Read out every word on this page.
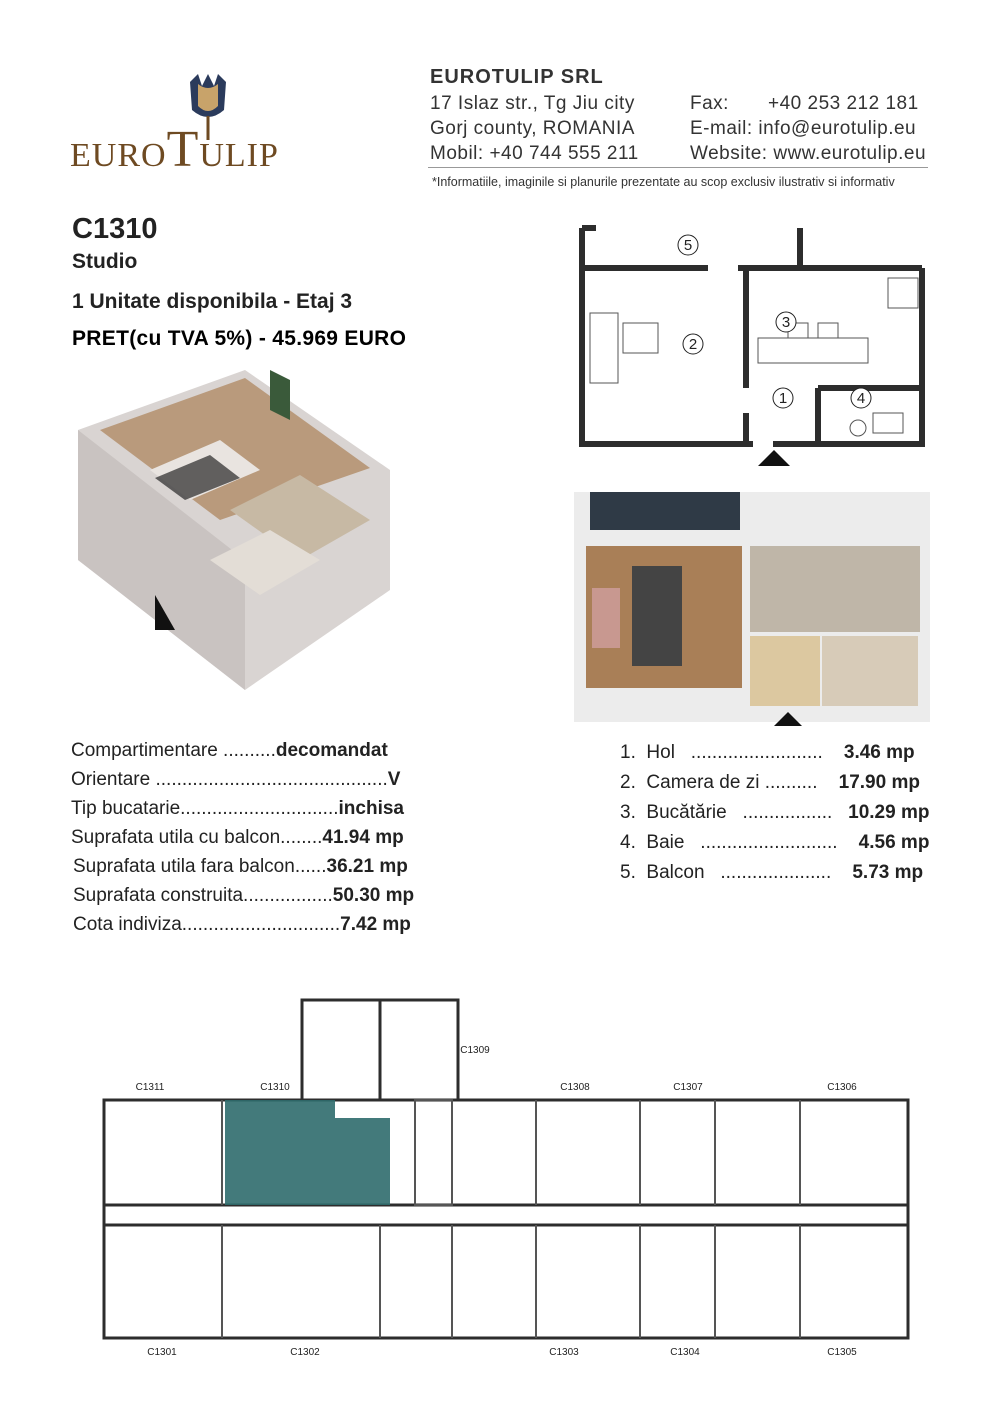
EUROTULIP
EUROTULIP SRL
17 Islaz str., Tg Jiu city
Gorj county, ROMANIA
Mobil: +40 744 555 211
Fax: +40 253 212 181
E-mail: info@eurotulip.eu
Website: www.eurotulip.eu
*Informatiile, imaginile si planurile prezentate au scop exclusiv ilustrativ si informativ
C1310
Studio
1 Unitate disponibila - Etaj 3
PRET(cu TVA 5%) - 45.969 EURO
5
2
3
1	4
Compartimentare ..........decomandat
Orientare ............................................V
Tip bucatarie..............................inchisa
Suprafata utila cu balcon........41.94 mp
Suprafata utila fara balcon......36.21 mp
Suprafata construita.................50.30 mp
Cota indiviza..............................7.42 mp
1. Hol ......................... 3.46 mp
2. Camera de zi .......... 17.90 mp
3. Bucătărie ................. 10.29 mp
4. Baie .......................... 4.56 mp
5. Balcon ..................... 5.73 mp
C1311	C1310
C1309
C1308	C1307	C1306
C1301	C1302	C1303	C1304	C1305
